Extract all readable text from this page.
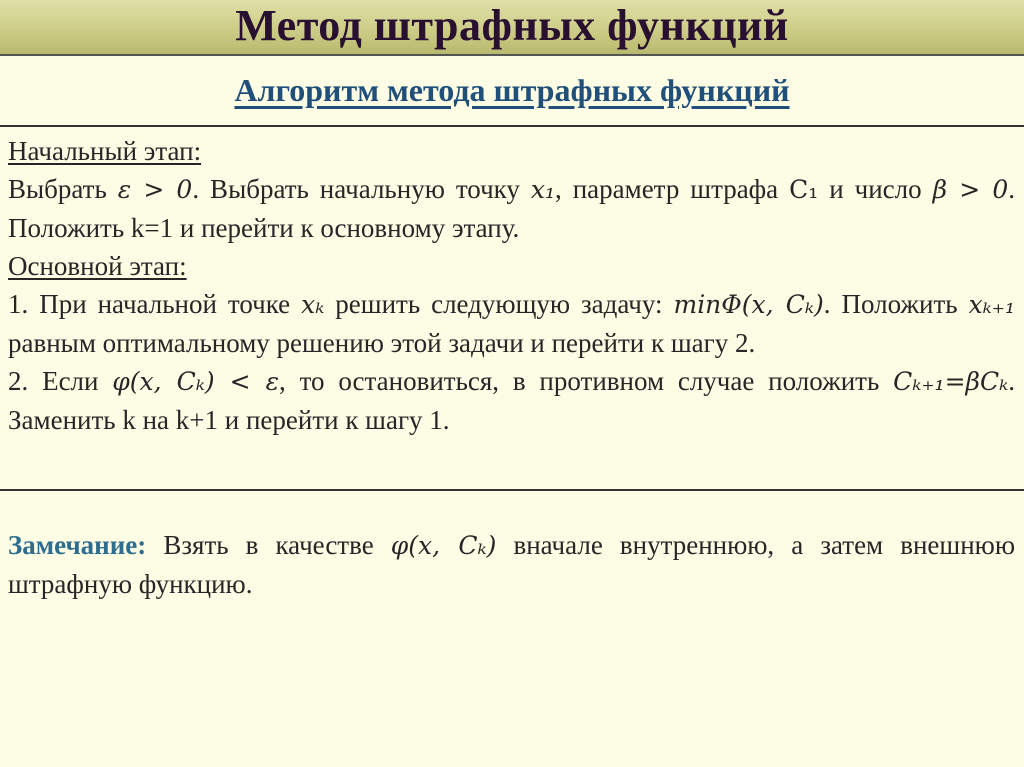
Метод штрафных функций
Алгоритм метода штрафных функций

Начальный этап:

Выбрать ε > 0. Выбрать начальную точку x₁, параметр штрафа C₁ и число β > 0. Положить k=1 и перейти к основному этапу.

Основной этап:

1. При начальной точке xₖ решить следующую задачу: minΦ(x, Cₖ). Положить xₖ₊₁ равным оптимальному решению этой задачи и перейти к шагу 2.

2. Если φ(x, Cₖ) < ε, то остановиться, в противном случае положить Cₖ₊₁=βCₖ. Заменить k на k+1 и перейти к шагу 1.

Замечание: Взять в качестве φ(x, Cₖ) вначале внутреннюю, а затем внешнюю штрафную функцию.
